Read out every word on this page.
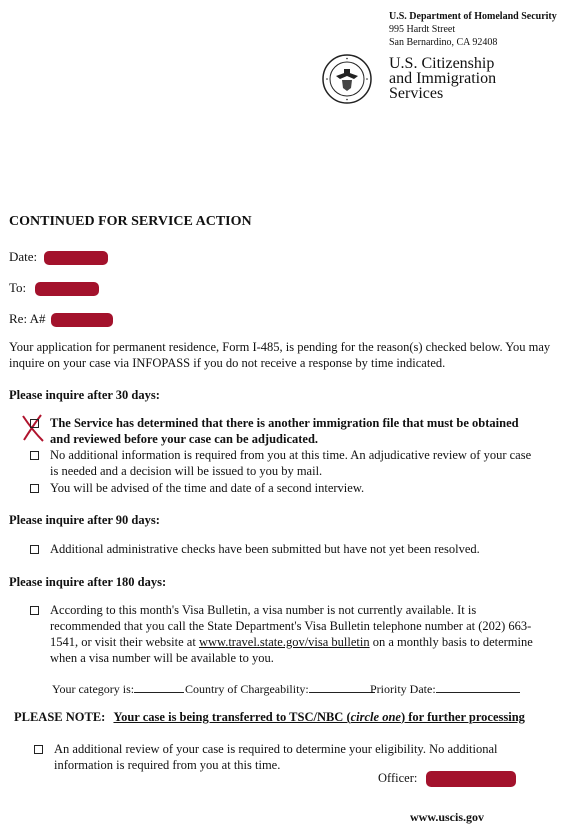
U.S. Department of Homeland Security
995 Hardt Street
San Bernardino, CA 92408
U.S. Citizenship
and Immigration
Services
CONTINUED FOR SERVICE ACTION
Date:
To:
Re: A#
Your application for permanent residence, Form I-485, is pending for the reason(s) checked below. You may inquire on your case via INFOPASS if you do not receive a response by time indicated.
Please inquire after 30 days:
The Service has determined that there is another immigration file that must be obtained and reviewed before your case can be adjudicated.
No additional information is required from you at this time. An adjudicative review of your case is needed and a decision will be issued to you by mail.
You will be advised of the time and date of a second interview.
Please inquire after 90 days:
Additional administrative checks have been submitted but have not yet been resolved.
Please inquire after 180 days:
According to this month's Visa Bulletin, a visa number is not currently available. It is recommended that you call the State Department's Visa Bulletin telephone number at (202) 663-1541, or visit their website at www.travel.state.gov/visa bulletin on a monthly basis to determine when a visa number will be available to you.
Your category is:	Country of Chargeability:	Priority Date:
PLEASE NOTE: Your case is being transferred to TSC/NBC (circle one) for further processing
An additional review of your case is required to determine your eligibility. No additional information is required from you at this time.
Officer:
www.uscis.gov
